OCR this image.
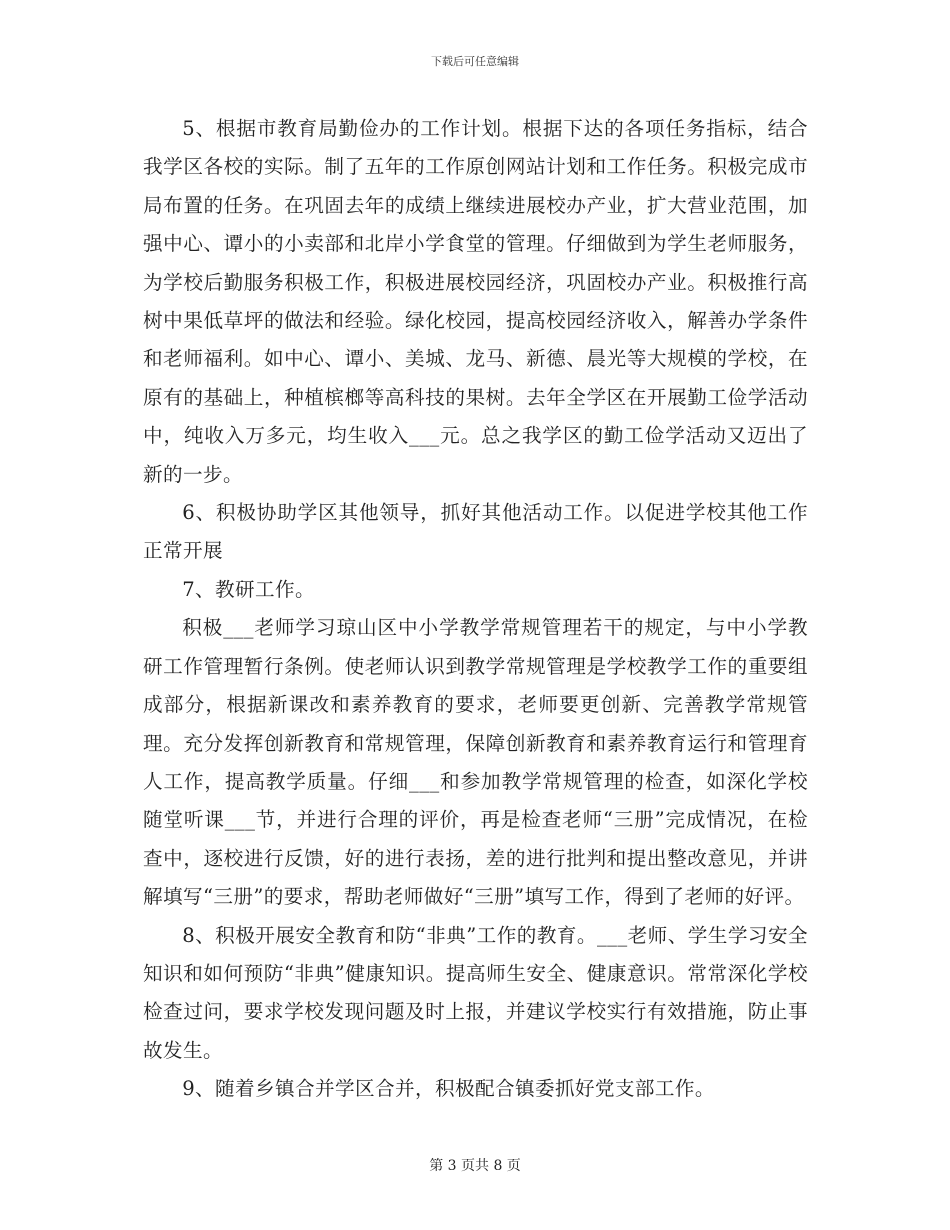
下载后可任意编辑

5、根据市教育局勤俭办的工作计划。根据下达的各项任务指标，结合我学区各校的实际。制了五年的工作原创网站计划和工作任务。积极完成市局布置的任务。在巩固去年的成绩上继续进展校办产业，扩大营业范围，加强中心、谭小的小卖部和北岸小学食堂的管理。仔细做到为学生老师服务，为学校后勤服务积极工作，积极进展校园经济，巩固校办产业。积极推行高树中果低草坪的做法和经验。绿化校园，提高校园经济收入，解善办学条件和老师福利。如中心、谭小、美城、龙马、新德、晨光等大规模的学校，在原有的基础上，种植槟榔等高科技的果树。去年全学区在开展勤工俭学活动中，纯收入万多元，均生收入___元。总之我学区的勤工俭学活动又迈出了新的一步。

6、积极协助学区其他领导，抓好其他活动工作。以促进学校其他工作正常开展

7、教研工作。

积极___老师学习琼山区中小学教学常规管理若干的规定，与中小学教研工作管理暂行条例。使老师认识到教学常规管理是学校教学工作的重要组成部分，根据新课改和素养教育的要求，老师要更创新、完善教学常规管理。充分发挥创新教育和常规管理，保障创新教育和素养教育运行和管理育人工作，提高教学质量。仔细___和参加教学常规管理的检查，如深化学校随堂听课___节，并进行合理的评价，再是检查老师“三册”完成情况，在检查中，逐校进行反馈，好的进行表扬，差的进行批判和提出整改意见，并讲解填写“三册”的要求，帮助老师做好“三册”填写工作，得到了老师的好评。

8、积极开展安全教育和防“非典”工作的教育。___老师、学生学习安全知识和如何预防“非典”健康知识。提高师生安全、健康意识。常常深化学校检查过问，要求学校发现问题及时上报，并建议学校实行有效措施，防止事故发生。

9、随着乡镇合并学区合并，积极配合镇委抓好党支部工作。

第 3 页共 8 页
